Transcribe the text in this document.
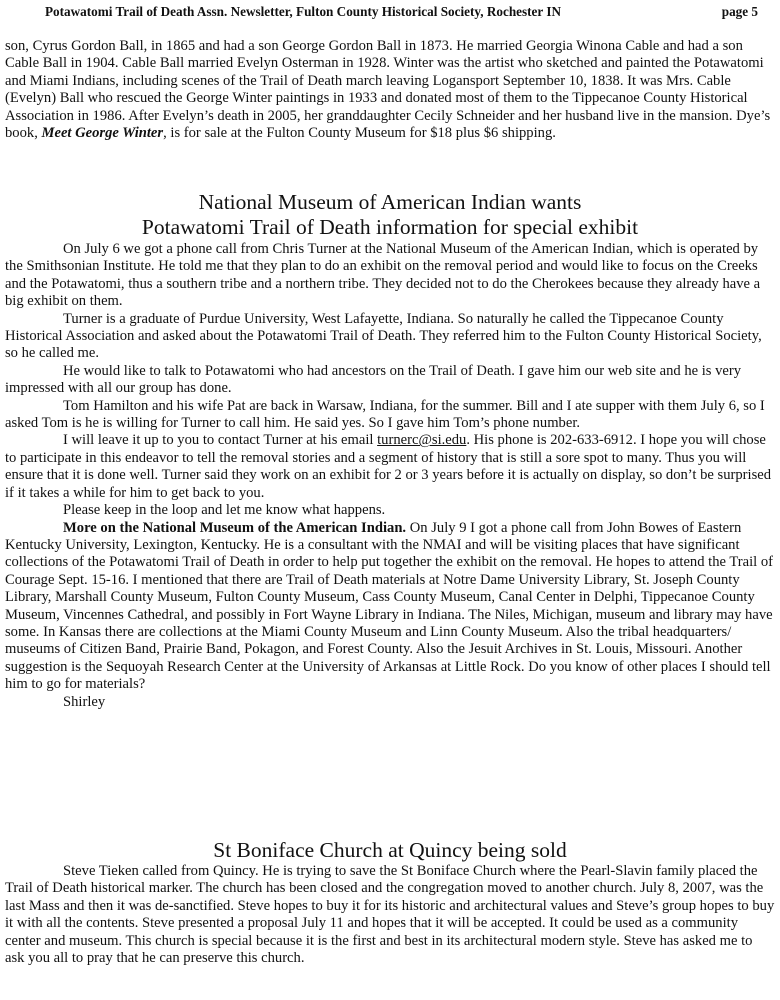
Potawatomi Trail of Death Assn. Newsletter, Fulton County Historical Society, Rochester IN	page 5

son, Cyrus Gordon Ball, in 1865 and had a son George Gordon Ball in 1873. He married Georgia Winona Cable and had a son Cable Ball in 1904. Cable Ball married Evelyn Osterman in 1928. Winter was the artist who sketched and painted the Potawatomi and Miami Indians, including scenes of the Trail of Death march leaving Logansport September 10, 1838. It was Mrs. Cable (Evelyn) Ball who rescued the George Winter paintings in 1933 and donated most of them to the Tippecanoe County Historical Association in 1986. After Evelyn’s death in 2005, her granddaughter Cecily Schneider and her husband live in the mansion. Dye’s book, Meet George Winter, is for sale at the Fulton County Museum for $18 plus $6 shipping.

National Museum of American Indian wants
Potawatomi Trail of Death information for special exhibit

On July 6 we got a phone call from Chris Turner at the National Museum of the American Indian, which is operated by the Smithsonian Institute. He told me that they plan to do an exhibit on the removal period and would like to focus on the Creeks and the Potawatomi, thus a southern tribe and a northern tribe. They decided not to do the Cherokees because they already have a big exhibit on them.

Turner is a graduate of Purdue University, West Lafayette, Indiana. So naturally he called the Tippecanoe County Historical Association and asked about the Potawatomi Trail of Death. They referred him to the Fulton County Historical Society, so he called me.

He would like to talk to Potawatomi who had ancestors on the Trail of Death. I gave him our web site and he is very impressed with all our group has done.

Tom Hamilton and his wife Pat are back in Warsaw, Indiana, for the summer. Bill and I ate supper with them July 6, so I asked Tom is he is willing for Turner to call him. He said yes. So I gave him Tom’s phone number.

I will leave it up to you to contact Turner at his email turnerc@si.edu. His phone is 202-633-6912. I hope you will chose to participate in this endeavor to tell the removal stories and a segment of history that is still a sore spot to many. Thus you will ensure that it is done well. Turner said they work on an exhibit for 2 or 3 years before it is actually on display, so don’t be surprised if it takes a while for him to get back to you.

Please keep in the loop and let me know what happens.

More on the National Museum of the American Indian. On July 9 I got a phone call from John Bowes of Eastern Kentucky University, Lexington, Kentucky. He is a consultant with the NMAI and will be visiting places that have significant collections of the Potawatomi Trail of Death in order to help put together the exhibit on the removal. He hopes to attend the Trail of Courage Sept. 15-16. I mentioned that there are Trail of Death materials at Notre Dame University Library, St. Joseph County Library, Marshall County Museum, Fulton County Museum, Cass County Museum, Canal Center in Delphi, Tippecanoe County Museum, Vincennes Cathedral, and possibly in Fort Wayne Library in Indiana. The Niles, Michigan, museum and library may have some. In Kansas there are collections at the Miami County Museum and Linn County Museum. Also the tribal headquarters/ museums of Citizen Band, Prairie Band, Pokagon, and Forest County. Also the Jesuit Archives in St. Louis, Missouri. Another suggestion is the Sequoyah Research Center at the University of Arkansas at Little Rock. Do you know of other places I should tell him to go for materials?

Shirley

St Boniface Church at Quincy being sold

Steve Tieken called from Quincy. He is trying to save the St Boniface Church where the Pearl-Slavin family placed the Trail of Death historical marker. The church has been closed and the congregation moved to another church. July 8, 2007, was the last Mass and then it was de-sanctified. Steve hopes to buy it for its historic and architectural values and Steve’s group hopes to buy it with all the contents. Steve presented a proposal July 11 and hopes that it will be accepted. It could be used as a community center and museum. This church is special because it is the first and best in its architectural modern style. Steve has asked me to ask you all to pray that he can preserve this church.
